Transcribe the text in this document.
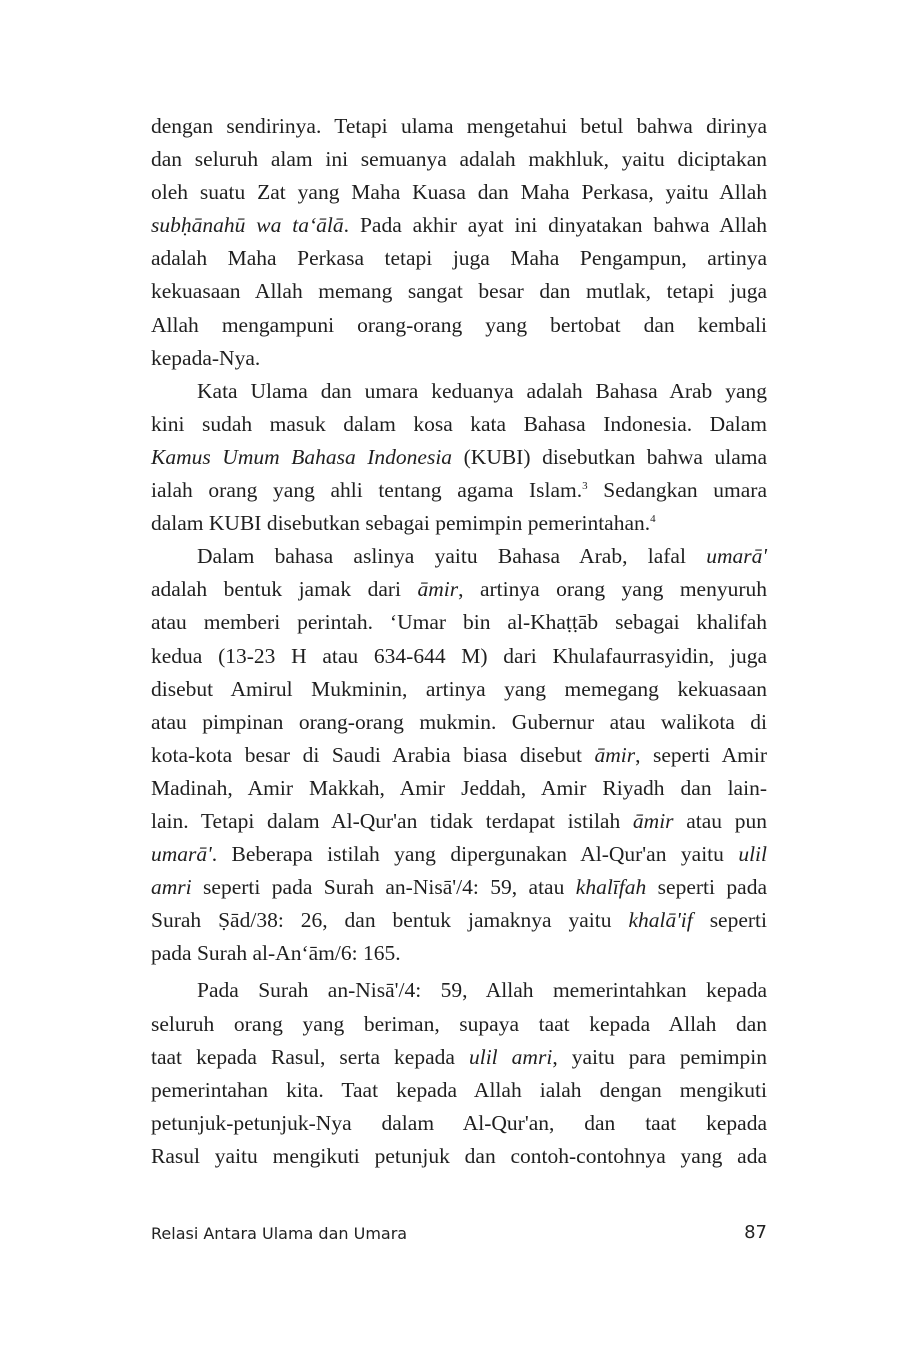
dengan sendirinya. Tetapi ulama mengetahui betul bahwa dirinya
dan seluruh alam ini semuanya adalah makhluk, yaitu diciptakan
oleh suatu Zat yang Maha Kuasa dan Maha Perkasa, yaitu Allah
subḥānahū wa ta‘ālā. Pada akhir ayat ini dinyatakan bahwa Allah
adalah Maha Perkasa tetapi juga Maha Pengampun, artinya
kekuasaan Allah memang sangat besar dan mutlak, tetapi juga
Allah mengampuni orang-orang yang bertobat dan kembali
kepada-Nya.
Kata Ulama dan umara keduanya adalah Bahasa Arab yang
kini sudah masuk dalam kosa kata Bahasa Indonesia. Dalam
Kamus Umum Bahasa Indonesia (KUBI) disebutkan bahwa ulama
ialah orang yang ahli tentang agama Islam.$^3$ Sedangkan umara
dalam KUBI disebutkan sebagai pemimpin pemerintahan.$^4$
Dalam bahasa aslinya yaitu Bahasa Arab, lafal umarā'
adalah bentuk jamak dari āmir, artinya orang yang menyuruh
atau memberi perintah. ‘Umar bin al-Khaṭṭāb sebagai khalifah
kedua (13-23 H atau 634-644 M) dari Khulafaurrasyidin, juga
disebut Amirul Mukminin, artinya yang memegang kekuasaan
atau pimpinan orang-orang mukmin. Gubernur atau walikota di
kota-kota besar di Saudi Arabia biasa disebut āmir, seperti Amir
Madinah, Amir Makkah, Amir Jeddah, Amir Riyadh dan lain-
lain. Tetapi dalam Al-Qur'an tidak terdapat istilah āmir atau pun
umarā'. Beberapa istilah yang dipergunakan Al-Qur'an yaitu ulil
amri seperti pada Surah an-Nisā'/4: 59, atau khalīfah seperti pada
Surah Ṣād/38: 26, dan bentuk jamaknya yaitu khalā'if seperti
pada Surah al-An‘ām/6: 165.
Pada Surah an-Nisā'/4: 59, Allah memerintahkan kepada
seluruh orang yang beriman, supaya taat kepada Allah dan
taat kepada Rasul, serta kepada ulil amri, yaitu para pemimpin
pemerintahan kita. Taat kepada Allah ialah dengan mengikuti
petunjuk-petunjuk-Nya dalam Al-Qur'an, dan taat kepada
Rasul yaitu mengikuti petunjuk dan contoh-contohnya yang ada
Relasi Antara Ulama dan Umara	87
